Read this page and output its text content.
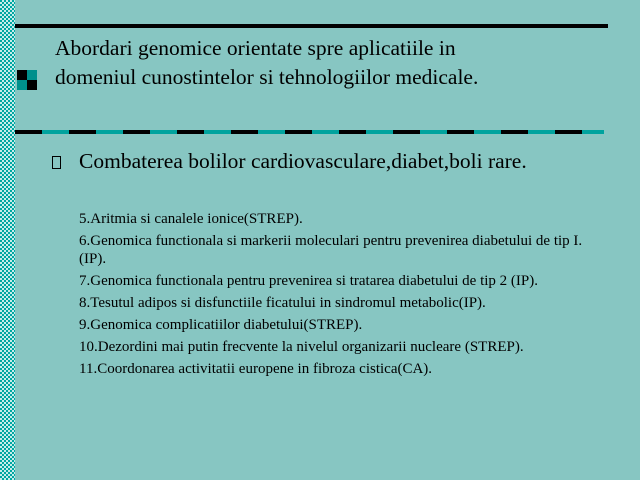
Abordari genomice orientate spre aplicatiile in
domeniul cunostintelor si tehnologiilor medicale.

Combaterea bolilor cardiovasculare,diabet,boli rare.

5.Aritmia si canalele ionice(STREP).
6.Genomica functionala si markerii moleculari pentru prevenirea diabetului de tip I.(IP).
7.Genomica functionala pentru prevenirea si tratarea diabetului de tip 2 (IP).
8.Tesutul adipos si disfunctiile ficatului in sindromul metabolic(IP).
9.Genomica complicatiilor diabetului(STREP).
10.Dezordini mai putin frecvente la nivelul organizarii nucleare (STREP).
11.Coordonarea activitatii europene in fibroza cistica(CA).
